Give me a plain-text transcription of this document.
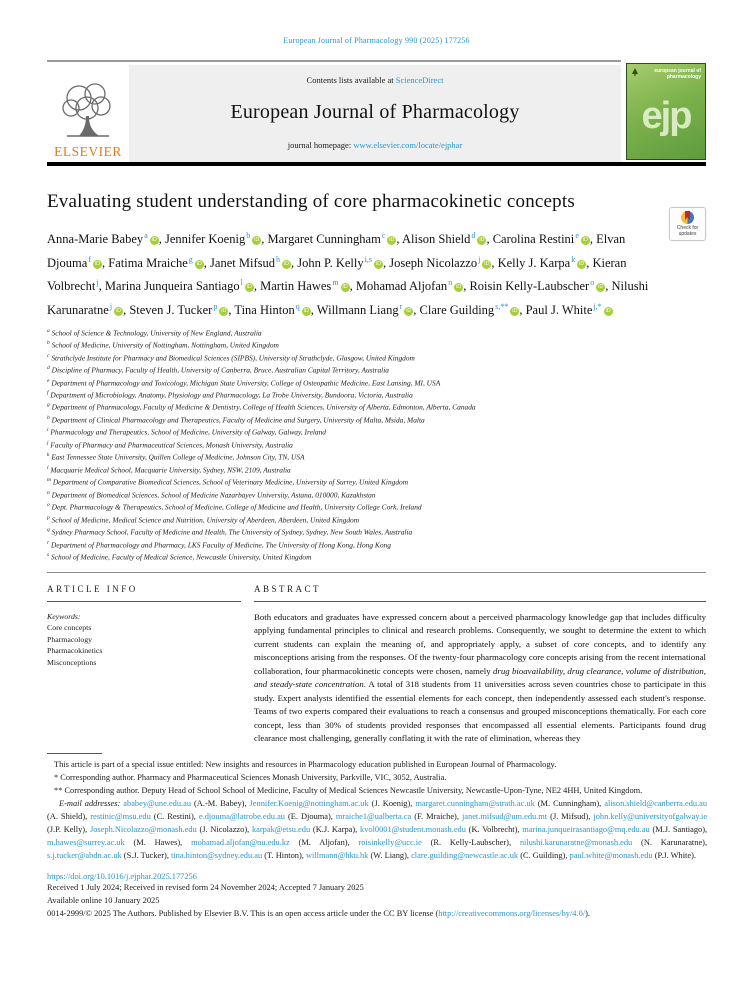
European Journal of Pharmacology 990 (2025) 177256
ELSEVIER
Contents lists available at ScienceDirect
European Journal of Pharmacology
journal homepage: www.elsevier.com/locate/ejphar
european journal of
pharmacology
ejp
Evaluating student understanding of core pharmacokinetic concepts
Check for
updates
Anna-Marie Babey $^a$iD , Jennifer Koenig $^b$iD , Margaret Cunningham $^c$iD , Alison Shield $^d$iD , Carolina Restini $^e$iD , Elvan Djouma $^f$iD , Fatima Mraiche $^g$iD , Janet Mifsud $^h$iD , John P. Kelly $^{i,s}$iD , Joseph Nicolazzo $^j$iD , Kelly J. Karpa $^k$iD , Kieran Volbrecht $^j$, Marina Junqueira Santiago $^l$iD , Martin Hawes $^m$iD , Mohamad Aljofan $^n$iD , Roisin Kelly-Laubscher $^o$iD , Nilushi Karunaratne $^j$iD , Steven J. Tucker $^p$iD , Tina Hinton $^q$iD , Willmann Liang $^r$iD , Clare Guilding $^{s,**}$iD , Paul J. White $^{j,*}$iD
$^a$ School of Science & Technology, University of New England, Australia
$^b$ School of Medicine, University of Nottingham, Nottingham, United Kingdom
$^c$ Strathclyde Institute for Pharmacy and Biomedical Sciences (SIPBS), University of Strathclyde, Glasgow, United Kingdom
$^d$ Discipline of Pharmacy, Faculty of Health, University of Canberra, Bruce, Australian Capital Territory, Australia
$^e$ Department of Pharmacology and Toxicology, Michigan State University, College of Osteopathic Medicine, East Lansing, MI, USA
$^f$ Department of Microbiology, Anatomy, Physiology and Pharmacology, La Trobe University, Bundoora, Victoria, Australia
$^g$ Department of Pharmacology, Faculty of Medicine & Dentistry, College of Health Sciences, University of Alberta, Edmonton, Alberta, Canada
$^h$ Department of Clinical Pharmacology and Therapeutics, Faculty of Medicine and Surgery, University of Malta, Msida, Malta
$^i$ Pharmacology and Therapeutics, School of Medicine, University of Galway, Galway, Ireland
$^j$ Faculty of Pharmacy and Pharmaceutical Sciences, Monash University, Australia
$^k$ East Tennessee State University, Quillen College of Medicine, Johnson City, TN, USA
$^l$ Macquarie Medical School, Macquarie University, Sydney, NSW, 2109, Australia
$^m$ Department of Comparative Biomedical Sciences, School of Veterinary Medicine, University of Surrey, United Kingdom
$^n$ Department of Biomedical Sciences, School of Medicine Nazarbayev University, Astana, 010000, Kazakhstan
$^o$ Dept. Pharmacology & Therapeutics, School of Medicine, College of Medicine and Health, University College Cork, Ireland
$^p$ School of Medicine, Medical Science and Nutrition, University of Aberdeen, Aberdeen, United Kingdom
$^q$ Sydney Pharmacy School, Faculty of Medicine and Health, The University of Sydney, Sydney, New South Wales, Australia
$^r$ Department of Pharmacology and Pharmacy, LKS Faculty of Medicine, The University of Hong Kong, Hong Kong
$^s$ School of Medicine, Faculty of Medical Science, Newcastle University, United Kingdom
ARTICLE INFO
Keywords:
Core concepts
Pharmacology
Pharmacokinetics
Misconceptions
ABSTRACT

Both educators and graduates have expressed concern about a perceived pharmacology knowledge gap that includes difficulty applying fundamental principles to clinical and research problems. Consequently, we sought to determine the extent to which current students can explain the meaning of, and appropriately apply, a subset of core concepts, and to identify any misconceptions arising from the responses. Of the twenty-four pharmacology core concepts arising from the recent international collaboration, four pharmacokinetic concepts were chosen, namely drug bioavailability, drug clearance, volume of distribution, and steady-state concentration. A total of 318 students from 11 universities across seven countries chose to participate in this study. Expert analysts identified the essential elements for each concept, then independently assessed each student's response. Teams of two experts compared their evaluations to reach a consensus and grouped misconceptions thematically. For each core concept, less than 30% of students provided responses that encompassed all essential elements. Participants found drug clearance most challenging, generally conflating it with the rate of elimination, whereas they

This article is part of a special issue entitled: New insights and resources in Pharmacology education published in European Journal of Pharmacology.
* Corresponding author. Pharmacy and Pharmaceutical Sciences Monash University, Parkville, VIC, 3052, Australia.
** Corresponding author. Deputy Head of School School of Medicine, Faculty of Medical Sciences Newcastle University, Newcastle-Upon-Tyne, NE2 4HH, United Kingdom.

E-mail addresses: ababey@une.edu.au (A.-M. Babey), Jennifer.Koenig@nottingham.ac.uk (J. Koenig), margaret.cunningham@strath.ac.uk (M. Cunningham), alison.shield@canberra.edu.au (A. Shield), restinic@msu.edu (C. Restini), e.djouma@latrobe.edu.au (E. Djouma), mraiche1@ualberta.ca (F. Mraiche), janet.mifsud@um.edu.mt (J. Mifsud), john.kelly@universityofgalway.ie (J.P. Kelly), Joseph.Nicolazzo@monash.edu (J. Nicolazzo), karpak@etsu.edu (K.J. Karpa), kvol0001@student.monash.edu (K. Volbrecht), marina.junqueirasantiago@mq.edu.au (M.J. Santiago), m.hawes@surrey.ac.uk (M. Hawes), mohamad.aljofan@nu.edu.kz (M. Aljofan), roisinkelly@ucc.ie (R. Kelly-Laubscher), nilushi.karunaratne@monash.edu (N. Karunaratne), s.j.tucker@abdn.ac.uk (S.J. Tucker), tina.hinton@sydney.edu.au (T. Hinton), willmann@hku.hk (W. Liang), clare.guilding@newcastle.ac.uk (C. Guilding), paul.white@monash.edu (P.J. White).

https://doi.org/10.1016/j.ejphar.2025.177256
Received 1 July 2024; Received in revised form 24 November 2024; Accepted 7 January 2025
Available online 10 January 2025
0014-2999/© 2025 The Authors. Published by Elsevier B.V. This is an open access article under the CC BY license (http://creativecommons.org/licenses/by/4.0/).
